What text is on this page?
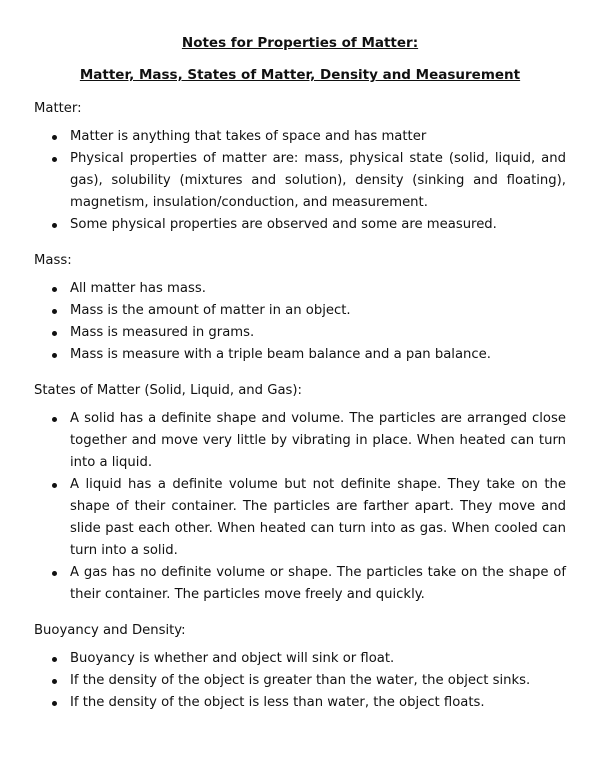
Notes for Properties of Matter:
Matter, Mass, States of Matter, Density and Measurement

Matter:

Matter is anything that takes of space and has matter
Physical properties of matter are: mass, physical state (solid, liquid, and gas), solubility (mixtures and solution), density (sinking and floating), magnetism, insulation/conduction, and measurement.
Some physical properties are observed and some are measured.

Mass:

All matter has mass.
Mass is the amount of matter in an object.
Mass is measured in grams.
Mass is measure with a triple beam balance and a pan balance.

States of Matter (Solid, Liquid, and Gas):

A solid has a definite shape and volume. The particles are arranged close together and move very little by vibrating in place. When heated can turn into a liquid.
A liquid has a definite volume but not definite shape. They take on the shape of their container. The particles are farther apart. They move and slide past each other. When heated can turn into as gas. When cooled can turn into a solid.
A gas has no definite volume or shape. The particles take on the shape of their container. The particles move freely and quickly.

Buoyancy and Density:

Buoyancy is whether and object will sink or float.
If the density of the object is greater than the water, the object sinks.
If the density of the object is less than water, the object floats.
